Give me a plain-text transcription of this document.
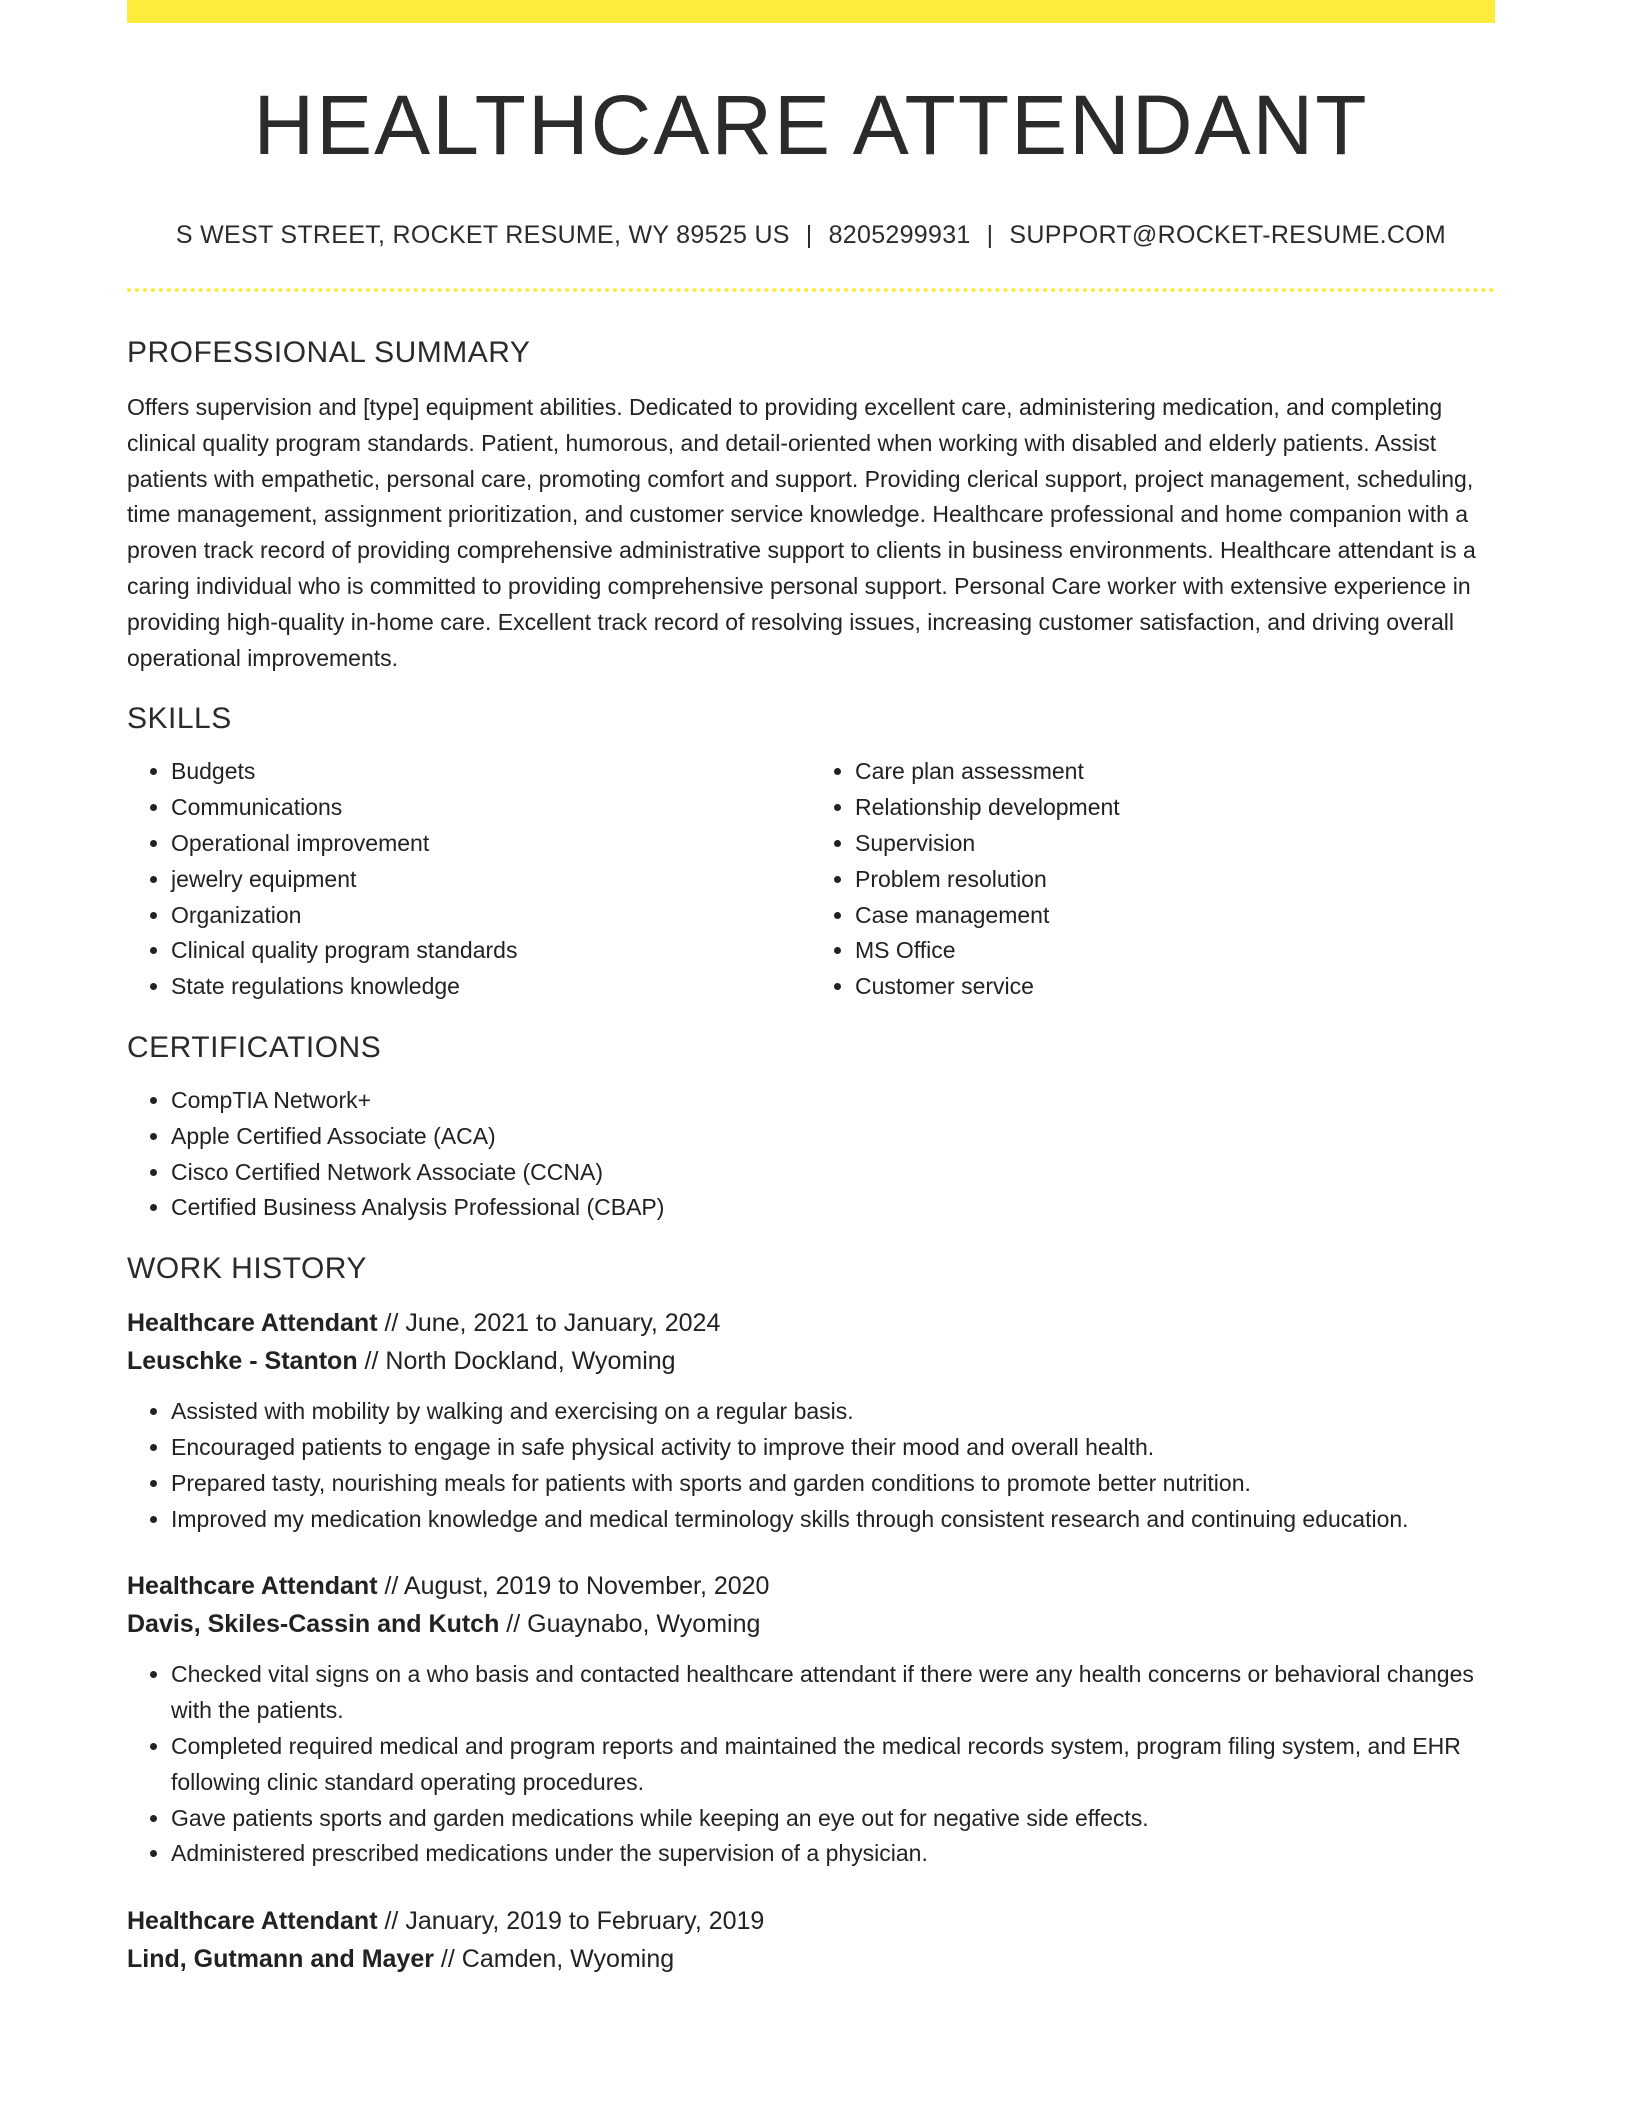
HEALTHCARE ATTENDANT
S WEST STREET, ROCKET RESUME, WY 89525 US | 8205299931 | SUPPORT@ROCKET-RESUME.COM
PROFESSIONAL SUMMARY

Offers supervision and [type] equipment abilities. Dedicated to providing excellent care, administering medication, and completing clinical quality program standards. Patient, humorous, and detail-oriented when working with disabled and elderly patients. Assist patients with empathetic, personal care, promoting comfort and support. Providing clerical support, project management, scheduling, time management, assignment prioritization, and customer service knowledge. Healthcare professional and home companion with a proven track record of providing comprehensive administrative support to clients in business environments. Healthcare attendant is a caring individual who is committed to providing comprehensive personal support. Personal Care worker with extensive experience in providing high-quality in-home care. Excellent track record of resolving issues, increasing customer satisfaction, and driving overall operational improvements.

SKILLS
• Budgets
• Communications
• Operational improvement
• jewelry equipment
• Organization
• Clinical quality program standards
• State regulations knowledge
• Care plan assessment
• Relationship development
• Supervision
• Problem resolution
• Case management
• MS Office
• Customer service
CERTIFICATIONS
• CompTIA Network+
• Apple Certified Associate (ACA)
• Cisco Certified Network Associate (CCNA)
• Certified Business Analysis Professional (CBAP)
WORK HISTORY
Healthcare Attendant // June, 2021 to January, 2024
Leuschke - Stanton // North Dockland, Wyoming
• Assisted with mobility by walking and exercising on a regular basis.
• Encouraged patients to engage in safe physical activity to improve their mood and overall health.
• Prepared tasty, nourishing meals for patients with sports and garden conditions to promote better nutrition.
• Improved my medication knowledge and medical terminology skills through consistent research and continuing education.
Healthcare Attendant // August, 2019 to November, 2020
Davis, Skiles-Cassin and Kutch // Guaynabo, Wyoming
• Checked vital signs on a who basis and contacted healthcare attendant if there were any health concerns or behavioral changes with the patients.
• Completed required medical and program reports and maintained the medical records system, program filing system, and EHR following clinic standard operating procedures.
• Gave patients sports and garden medications while keeping an eye out for negative side effects.
• Administered prescribed medications under the supervision of a physician.
Healthcare Attendant // January, 2019 to February, 2019
Lind, Gutmann and Mayer // Camden, Wyoming
